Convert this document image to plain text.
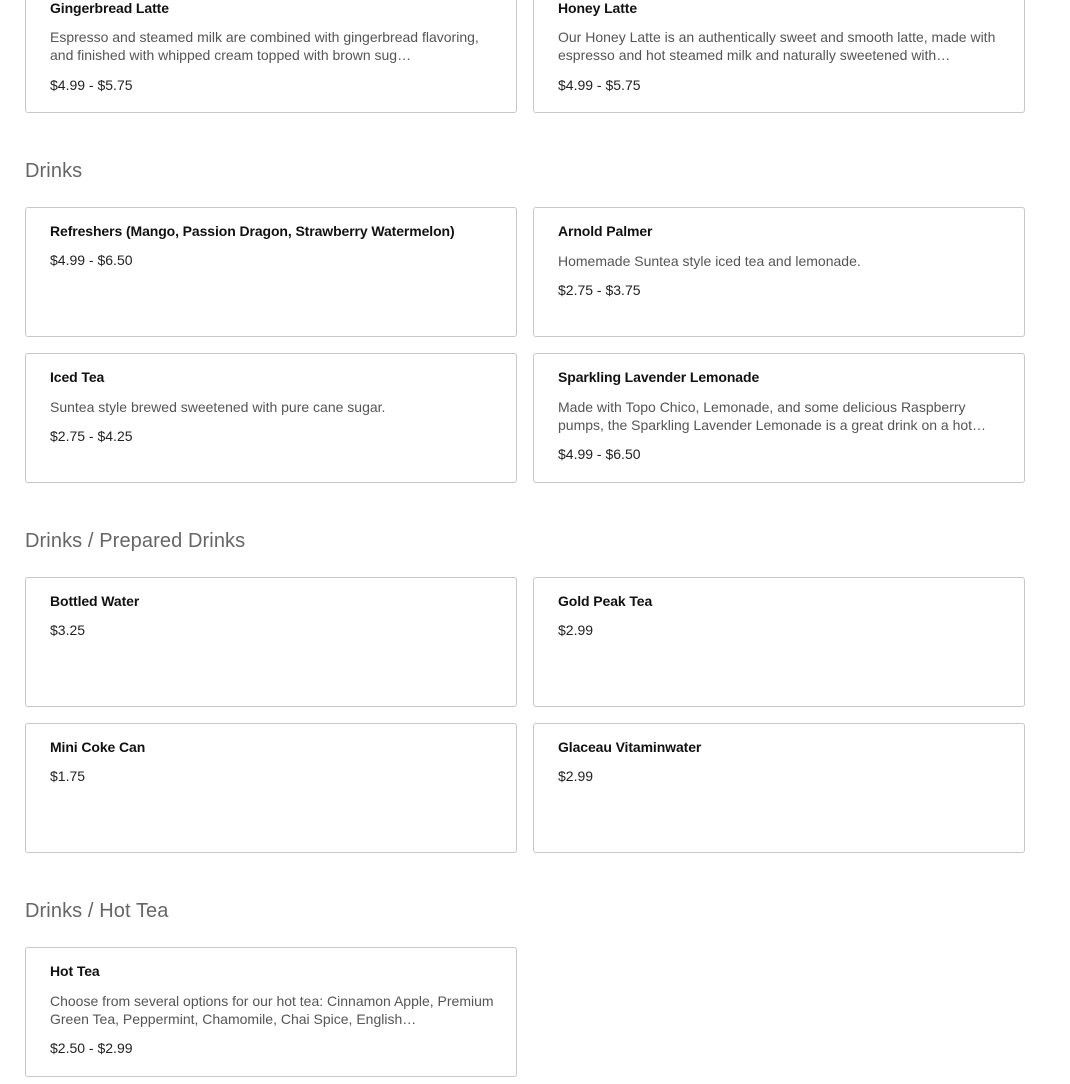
Gingerbread Latte
Espresso and steamed milk are combined with gingerbread flavoring, and finished with whipped cream topped with brown sug…
$4.99 - $5.75
Honey Latte
Our Honey Latte is an authentically sweet and smooth latte, made with espresso and hot steamed milk and naturally sweetened with…
$4.99 - $5.75
Drinks
Refreshers (Mango, Passion Dragon, Strawberry Watermelon)
$4.99 - $6.50
Arnold Palmer
Homemade Suntea style iced tea and lemonade.
$2.75 - $3.75
Iced Tea
Suntea style brewed sweetened with pure cane sugar.
$2.75 - $4.25
Sparkling Lavender Lemonade
Made with Topo Chico, Lemonade, and some delicious Raspberry pumps, the Sparkling Lavender Lemonade is a great drink on a hot…
$4.99 - $6.50
Drinks / Prepared Drinks
Bottled Water
$3.25
Gold Peak Tea
$2.99
Mini Coke Can
$1.75
Glaceau Vitaminwater
$2.99
Drinks / Hot Tea
Hot Tea
Choose from several options for our hot tea: Cinnamon Apple, Premium Green Tea, Peppermint, Chamomile, Chai Spice, English…
$2.50 - $2.99
